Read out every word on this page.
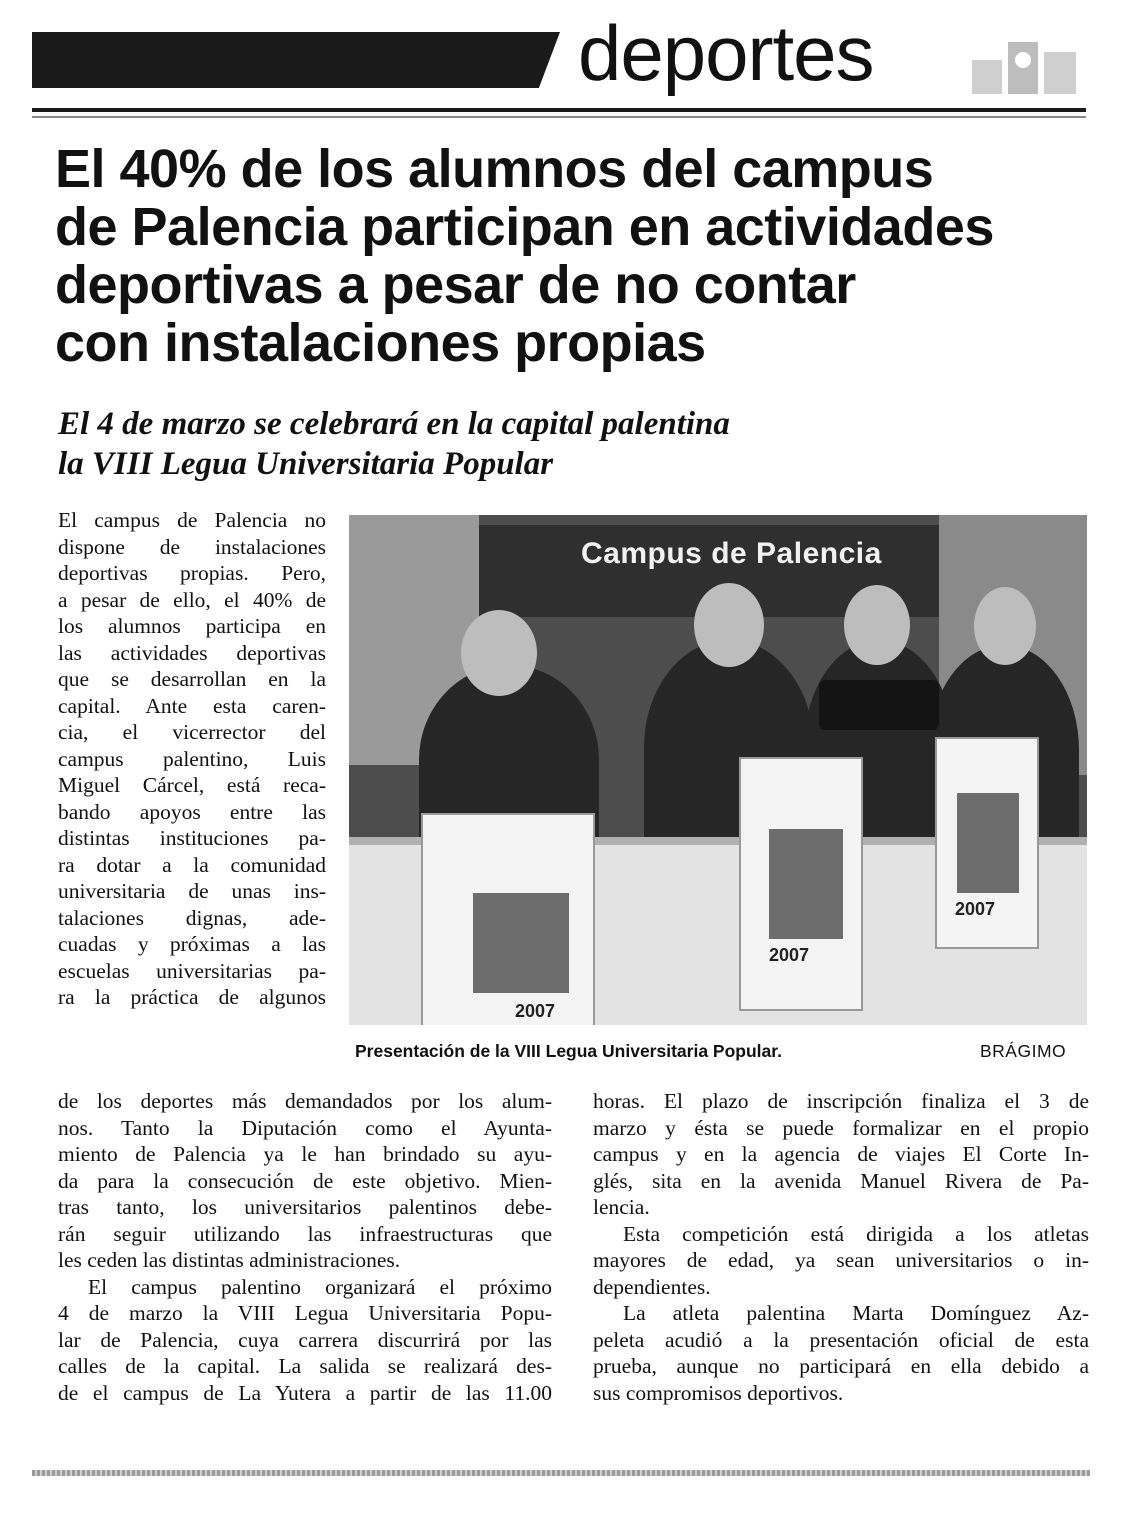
deportes
El 40% de los alumnos del campus
de Palencia participan en actividades
deportivas a pesar de no contar
con instalaciones propias
El 4 de marzo se celebrará en la capital palentina
la VIII Legua Universitaria Popular
El campus de Palencia no
dispone de instalaciones
deportivas propias. Pero,
a pesar de ello, el 40% de
los alumnos participa en
las actividades deportivas
que se desarrollan en la
capital. Ante esta caren-
cia, el vicerrector del
campus palentino, Luis
Miguel Cárcel, está reca-
bando apoyos entre las
distintas instituciones pa-
ra dotar a la comunidad
universitaria de unas ins-
talaciones dignas, ade-
cuadas y próximas a las
escuelas universitarias pa-
ra la práctica de algunos
Campus de Palencia
2007
2007
2007
Presentación de la VIII Legua Universitaria Popular.	BRÁGIMO
de los deportes más demandados por los alum-
nos. Tanto la Diputación como el Ayunta-
miento de Palencia ya le han brindado su ayu-
da para la consecución de este objetivo. Mien-
tras tanto, los universitarios palentinos debe-
rán seguir utilizando las infraestructuras que
les ceden las distintas administraciones.
El campus palentino organizará el próximo
4 de marzo la VIII Legua Universitaria Popu-
lar de Palencia, cuya carrera discurrirá por las
calles de la capital. La salida se realizará des-
de el campus de La Yutera a partir de las 11.00
horas. El plazo de inscripción finaliza el 3 de
marzo y ésta se puede formalizar en el propio
campus y en la agencia de viajes El Corte In-
glés, sita en la avenida Manuel Rivera de Pa-
lencia.
Esta competición está dirigida a los atletas
mayores de edad, ya sean universitarios o in-
dependientes.
La atleta palentina Marta Domínguez Az-
peleta acudió a la presentación oficial de esta
prueba, aunque no participará en ella debido a
sus compromisos deportivos.
